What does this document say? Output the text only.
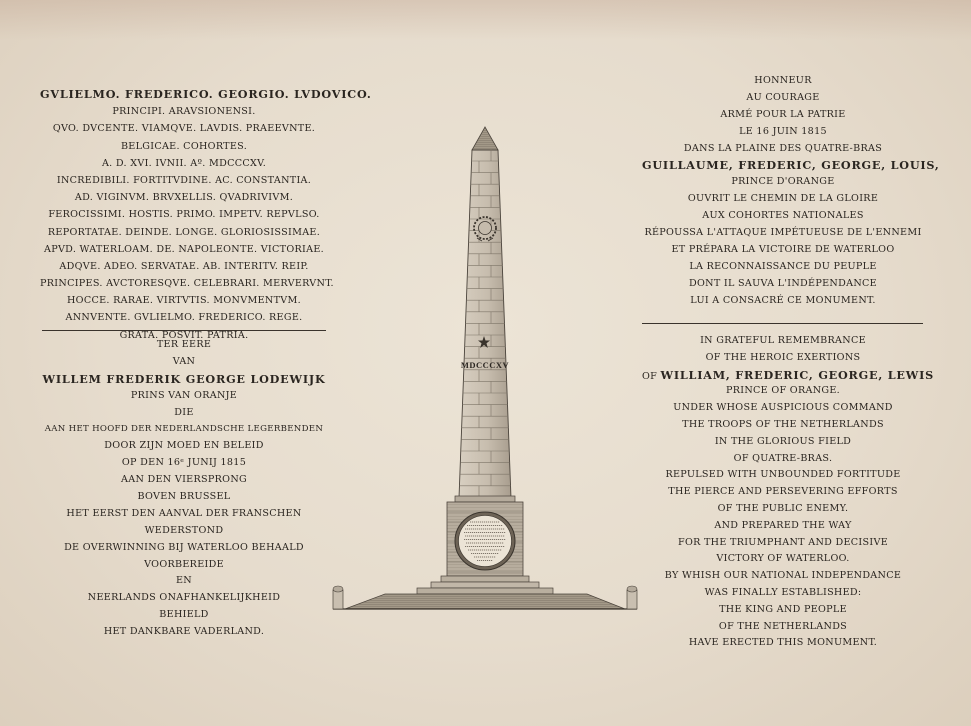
GVLIELMO. FREDERICO. GEORGIO. LVDOVICO.
PRINCIPI. ARAVSIONENSI.
QVO. DVCENTE. VIAMQVE. LAVDIS. PRAEEVNTE.
BELGICAE. COHORTES.
A. D. XVI. IVNII. Aº. MDCCCXV.
INCREDIBILI. FORTITVDINE. AC. CONSTANTIA.
AD. VIGINVM. BRVXELLIS. QVADRIVIVM.
FEROCISSIMI. HOSTIS. PRIMO. IMPETV. REPVLSO.
REPORTATAE. DEINDE. LONGE. GLORIOSISSIMAE.
APVD. WATERLOAM. DE. NAPOLEONTE. VICTORIAE.
ADQVE. ADEO. SERVATAE. AB. INTERITV. REIP.
PRINCIPES. AVCTORESQVE. CELEBRARI. MERVERVNT.
HOCCE. RARAE. VIRTVTIS. MONVMENTVM.
ANNVENTE. GVLIELMO. FREDERICO. REGE.
GRATA. POSVIT. PATRIA.
TER EERE
VAN
WILLEM FREDERIK GEORGE LODEWIJK
PRINS VAN ORANJE
DIE
AAN HET HOOFD DER NEDERLANDSCHE LEGERBENDEN
DOOR ZIJN MOED EN BELEID
OP DEN 16ᵉ JUNIJ 1815
AAN DEN VIERSPRONG
BOVEN BRUSSEL
HET EERST DEN AANVAL DER FRANSCHEN
WEDERSTOND
DE OVERWINNING BIJ WATERLOO BEHAALD
VOORBEREIDE
EN
NEERLANDS ONAFHANKELIJKHEID
BEHIELD
HET DANKBARE VADERLAND.
HONNEUR
AU COURAGE
ARMÉ POUR LA PATRIE
LE 16 JUIN 1815
DANS LA PLAINE DES QUATRE-BRAS
GUILLAUME, FREDERIC, GEORGE, LOUIS,
PRINCE D'ORANGE
OUVRIT LE CHEMIN DE LA GLOIRE
AUX COHORTES NATIONALES
RÉPOUSSA L'ATTAQUE IMPÉTUEUSE DE L'ENNEMI
ET PRÉPARA LA VICTOIRE DE WATERLOO
LA RECONNAISSANCE DU PEUPLE
DONT IL SAUVA L'INDÉPENDANCE
LUI A CONSACRÉ CE MONUMENT.
IN GRATEFUL REMEMBRANCE
OF THE HEROIC EXERTIONS
OF WILLIAM, FREDERIC, GEORGE, LEWIS
PRINCE OF ORANGE.
UNDER WHOSE AUSPICIOUS COMMAND
THE TROOPS OF THE NETHERLANDS
IN THE GLORIOUS FIELD
OF QUATRE-BRAS.
REPULSED WITH UNBOUNDED FORTITUDE
THE PIERCE AND PERSEVERING EFFORTS
OF THE PUBLIC ENEMY.
AND PREPARED THE WAY
FOR THE TRIUMPHANT AND DECISIVE
VICTORY OF WATERLOO.
BY WHISH OUR NATIONAL INDEPENDANCE
WAS FINALLY ESTABLISHED:
THE KING AND PEOPLE
OF THE NETHERLANDS
HAVE ERECTED THIS MONUMENT.
MDCCCXV
